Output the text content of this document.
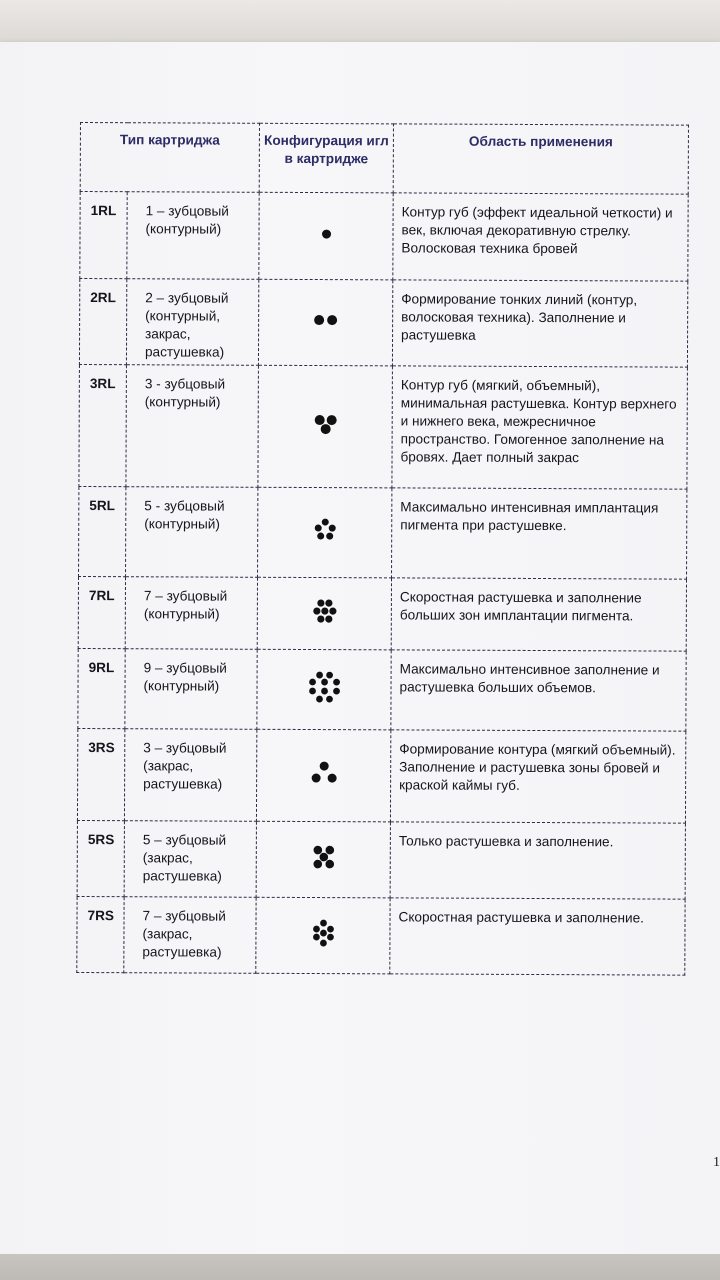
Тип картриджа		Конфигурация игл в картридже	Область применения
1RL	1 – зубцовый (контурный)		Контур губ (эффект идеальной четкости) и век, включая декоративную стрелку. Волосковая техника бровей
2RL	2 – зубцовый (контурный, закрас, растушевка)		Формирование тонких линий (контур, волосковая техника). Заполнение и растушевка
3RL	3 - зубцовый (контурный)		Контур губ (мягкий, объемный), минимальная растушевка. Контур верхнего и нижнего века, межресничное пространство. Гомогенное заполнение на бровях. Дает полный закрас
5RL	5 - зубцовый (контурный)		Максимально интенсивная имплантация пигмента при растушевке.
7RL	7 – зубцовый (контурный)		Скоростная растушевка и заполнение больших зон имплантации пигмента.
9RL	9 – зубцовый (контурный)		Максимально интенсивное заполнение и растушевка больших объемов.
3RS	3 – зубцовый (закрас, растушевка)		Формирование контура (мягкий объемный). Заполнение и растушевка зоны бровей и краской каймы губ.
5RS	5 – зубцовый (закрас, растушевка)		Только растушевка и заполнение.
7RS	7 – зубцовый (закрас, растушевка)		Скоростная растушевка и заполнение.
1
